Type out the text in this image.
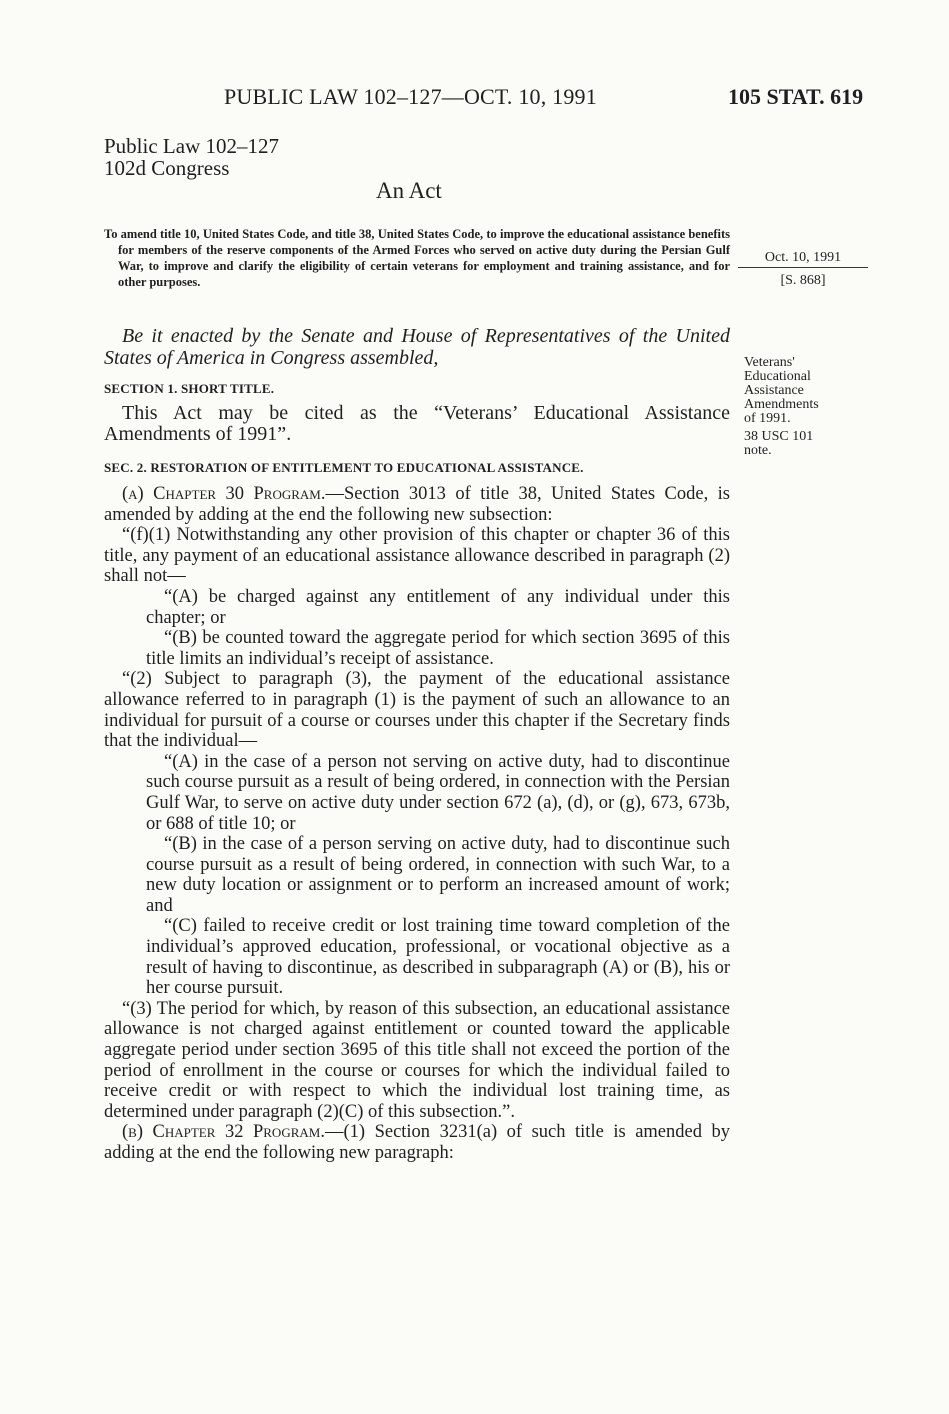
PUBLIC LAW 102–127—OCT. 10, 1991	105 STAT. 619
Public Law 102–127
102d Congress
An Act
To amend title 10, United States Code, and title 38, United States Code, to improve the educational assistance benefits for members of the reserve components of the Armed Forces who served on active duty during the Persian Gulf War, to improve and clarify the eligibility of certain veterans for employment and training assistance, and for other purposes.
Oct. 10, 1991
[S. 868]
Be it enacted by the Senate and House of Representatives of the United States of America in Congress assembled,	Veterans'
Educational
Assistance
Amendments
of 1991.
38 USC 101
note.
SECTION 1. SHORT TITLE.
This Act may be cited as the “Veterans’ Educational Assistance Amendments of 1991”.
SEC. 2. RESTORATION OF ENTITLEMENT TO EDUCATIONAL ASSISTANCE.

(a) Chapter 30 Program.—Section 3013 of title 38, United States Code, is amended by adding at the end the following new subsection:

“(f)(1) Notwithstanding any other provision of this chapter or chapter 36 of this title, any payment of an educational assistance allowance described in paragraph (2) shall not—

“(A) be charged against any entitlement of any individual under this chapter; or

“(B) be counted toward the aggregate period for which section 3695 of this title limits an individual’s receipt of assistance.

“(2) Subject to paragraph (3), the payment of the educational assistance allowance referred to in paragraph (1) is the payment of such an allowance to an individual for pursuit of a course or courses under this chapter if the Secretary finds that the individual—

“(A) in the case of a person not serving on active duty, had to discontinue such course pursuit as a result of being ordered, in connection with the Persian Gulf War, to serve on active duty under section 672 (a), (d), or (g), 673, 673b, or 688 of title 10; or

“(B) in the case of a person serving on active duty, had to discontinue such course pursuit as a result of being ordered, in connection with such War, to a new duty location or assignment or to perform an increased amount of work; and

“(C) failed to receive credit or lost training time toward completion of the individual’s approved education, professional, or vocational objective as a result of having to discontinue, as described in subparagraph (A) or (B), his or her course pursuit.

“(3) The period for which, by reason of this subsection, an educational assistance allowance is not charged against entitlement or counted toward the applicable aggregate period under section 3695 of this title shall not exceed the portion of the period of enrollment in the course or courses for which the individual failed to receive credit or with respect to which the individual lost training time, as determined under paragraph (2)(C) of this subsection.”.

(b) Chapter 32 Program.—(1) Section 3231(a) of such title is amended by adding at the end the following new paragraph:
